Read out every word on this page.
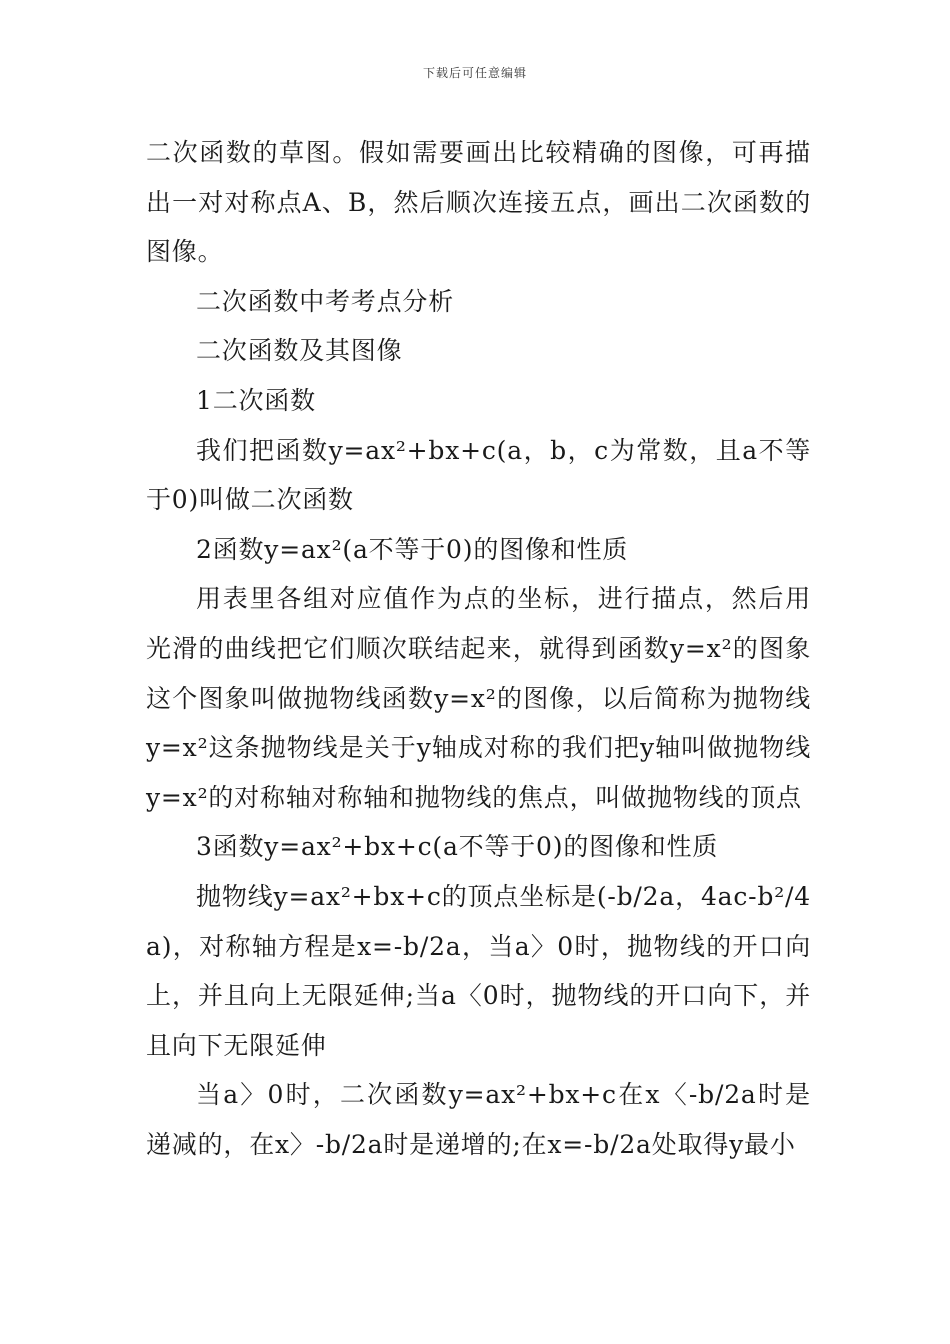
下载后可任意编辑

二次函数的草图。假如需要画出比较精确的图像，可再描出一对对称点A、B，然后顺次连接五点，画出二次函数的图像。

二次函数中考考点分析

二次函数及其图像

1二次函数

我们把函数y=ax²+bx+c(a，b，c为常数，且a不等于0)叫做二次函数

2函数y=ax²(a不等于0)的图像和性质

用表里各组对应值作为点的坐标，进行描点，然后用光滑的曲线把它们顺次联结起来，就得到函数y=x²的图象这个图象叫做抛物线函数y=x²的图像，以后简称为抛物线y=x²这条抛物线是关于y轴成对称的我们把y轴叫做抛物线y=x²的对称轴对称轴和抛物线的焦点，叫做抛物线的顶点

3函数y=ax²+bx+c(a不等于0)的图像和性质

抛物线y=ax²+bx+c的顶点坐标是(-b/2a，4ac-b²/4a)，对称轴方程是x=-b/2a，当a〉0时，抛物线的开口向上，并且向上无限延伸;当a〈0时，抛物线的开口向下，并且向下无限延伸

当a〉0时，二次函数y=ax²+bx+c在x〈-b/2a时是递减的，在x〉-b/2a时是递增的;在x=-b/2a处取得y最小
